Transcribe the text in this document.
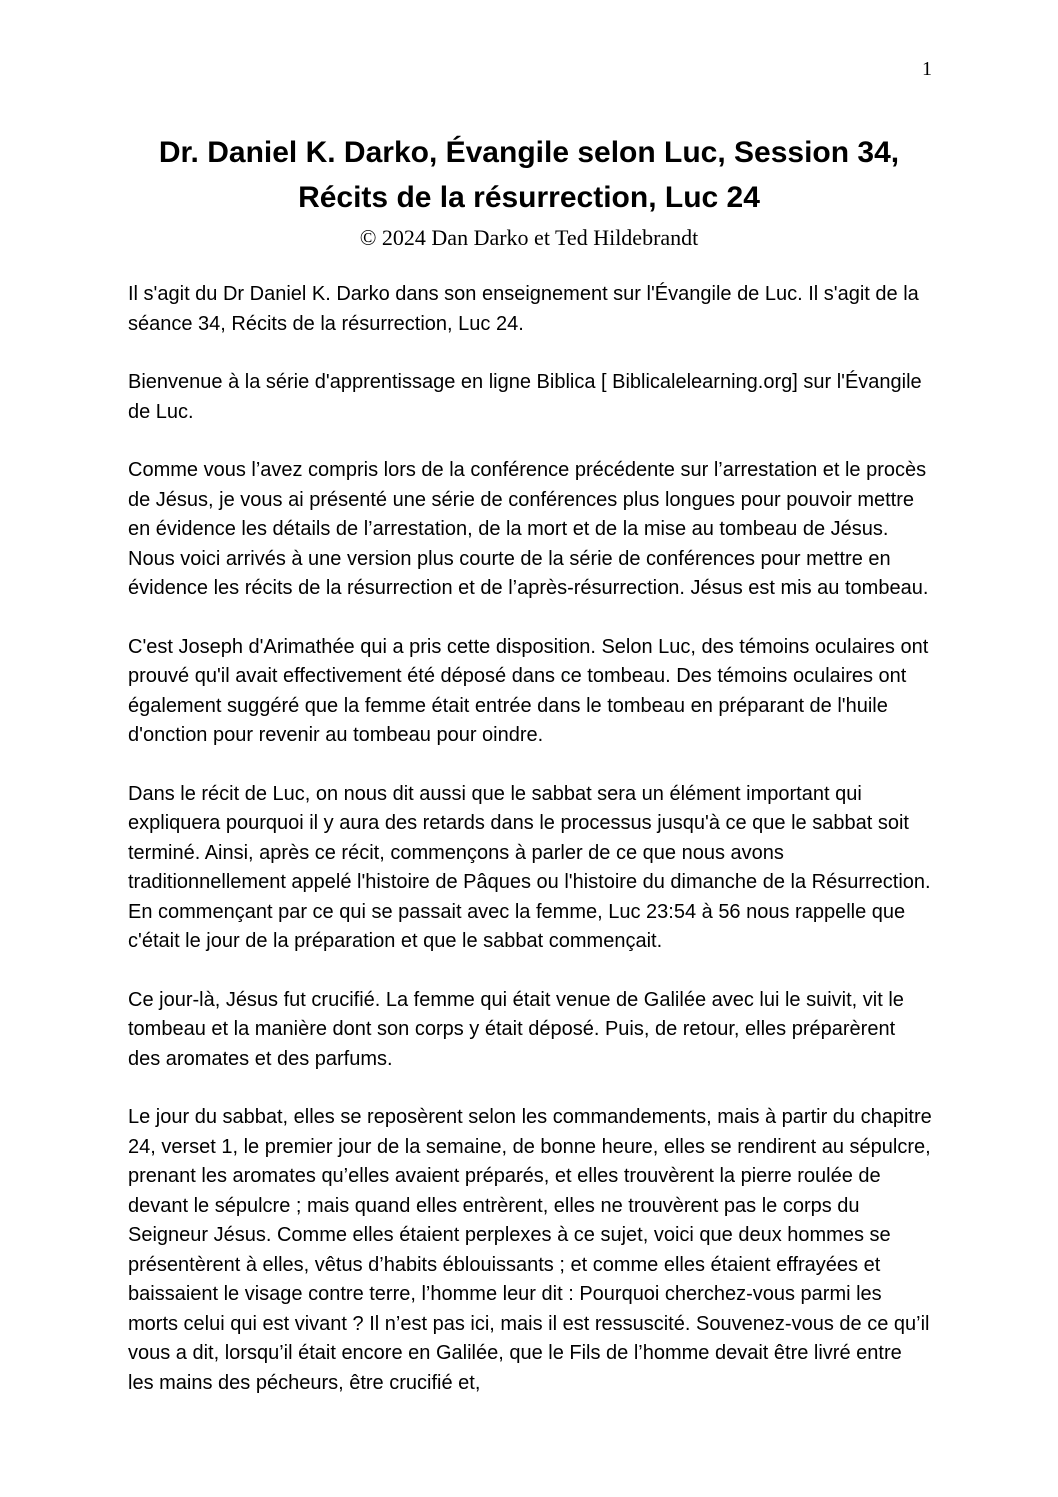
1
Dr. Daniel K. Darko, Évangile selon Luc, Session 34,
Récits de la résurrection, Luc 24
© 2024 Dan Darko et Ted Hildebrandt

Il s'agit du Dr Daniel K. Darko dans son enseignement sur l'Évangile de Luc. Il s'agit de la séance 34, Récits de la résurrection, Luc 24.

Bienvenue à la série d'apprentissage en ligne Biblica [ Biblicalelearning.org] sur l'Évangile de Luc.

Comme vous l’avez compris lors de la conférence précédente sur l’arrestation et le procès de Jésus, je vous ai présenté une série de conférences plus longues pour pouvoir mettre en évidence les détails de l’arrestation, de la mort et de la mise au tombeau de Jésus. Nous voici arrivés à une version plus courte de la série de conférences pour mettre en évidence les récits de la résurrection et de l’après-résurrection. Jésus est mis au tombeau.

C'est Joseph d'Arimathée qui a pris cette disposition. Selon Luc, des témoins oculaires ont prouvé qu'il avait effectivement été déposé dans ce tombeau. Des témoins oculaires ont également suggéré que la femme était entrée dans le tombeau en préparant de l'huile d'onction pour revenir au tombeau pour oindre.

Dans le récit de Luc, on nous dit aussi que le sabbat sera un élément important qui expliquera pourquoi il y aura des retards dans le processus jusqu'à ce que le sabbat soit terminé. Ainsi, après ce récit, commençons à parler de ce que nous avons traditionnellement appelé l'histoire de Pâques ou l'histoire du dimanche de la Résurrection. En commençant par ce qui se passait avec la femme, Luc 23:54 à 56 nous rappelle que c'était le jour de la préparation et que le sabbat commençait.

Ce jour-là, Jésus fut crucifié. La femme qui était venue de Galilée avec lui le suivit, vit le tombeau et la manière dont son corps y était déposé. Puis, de retour, elles préparèrent des aromates et des parfums.

Le jour du sabbat, elles se reposèrent selon les commandements, mais à partir du chapitre 24, verset 1, le premier jour de la semaine, de bonne heure, elles se rendirent au sépulcre, prenant les aromates qu’elles avaient préparés, et elles trouvèrent la pierre roulée de devant le sépulcre ; mais quand elles entrèrent, elles ne trouvèrent pas le corps du Seigneur Jésus. Comme elles étaient perplexes à ce sujet, voici que deux hommes se présentèrent à elles, vêtus d’habits éblouissants ; et comme elles étaient effrayées et baissaient le visage contre terre, l’homme leur dit : Pourquoi cherchez-vous parmi les morts celui qui est vivant ? Il n’est pas ici, mais il est ressuscité. Souvenez-vous de ce qu’il vous a dit, lorsqu’il était encore en Galilée, que le Fils de l’homme devait être livré entre les mains des pécheurs, être crucifié et,
